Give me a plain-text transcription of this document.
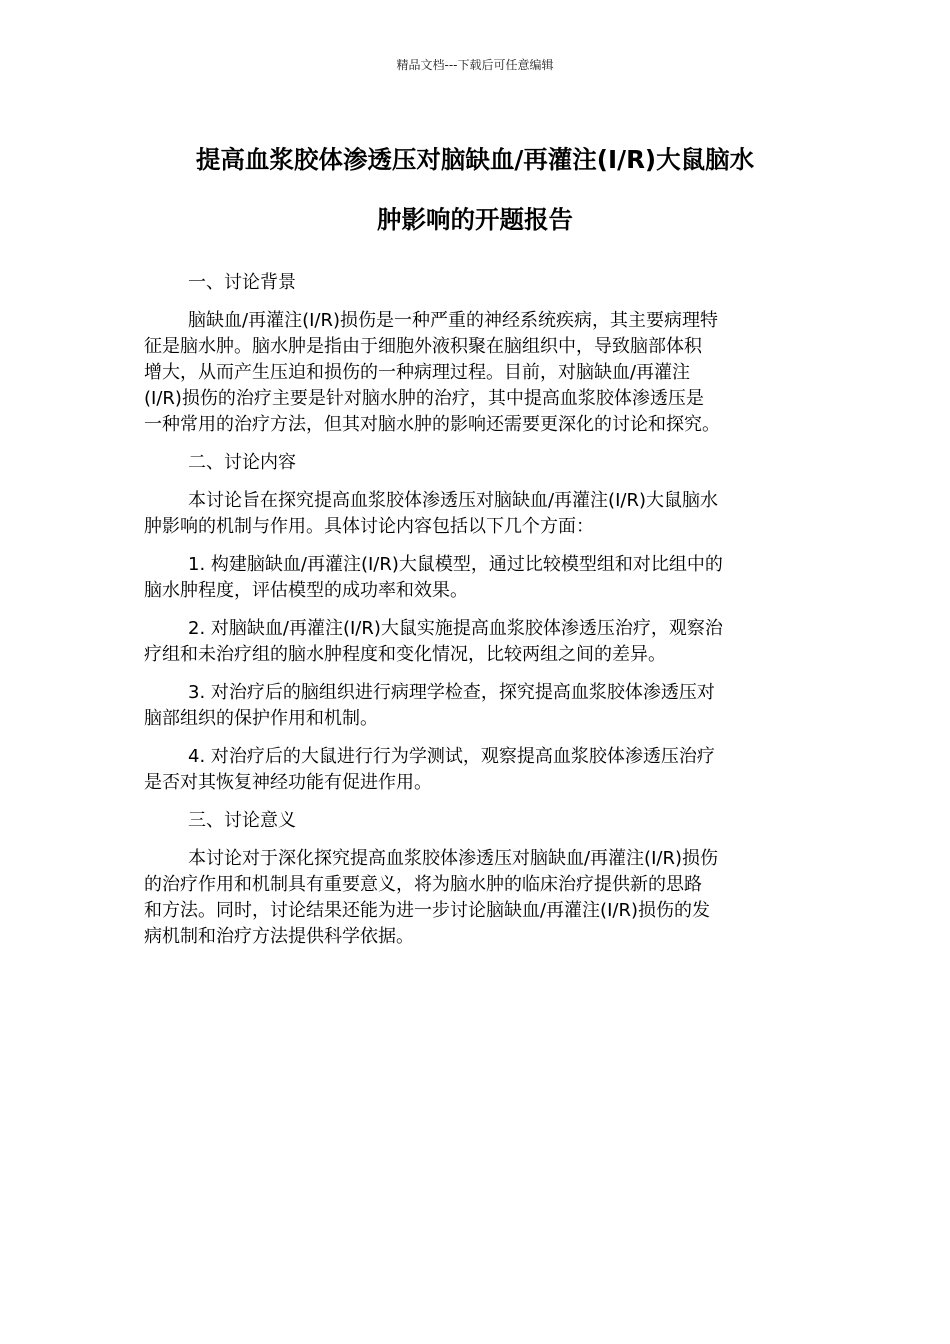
精品文档---下载后可任意编辑
提高血浆胶体渗透压对脑缺血/再灌注(I/R)大鼠脑水
肿影响的开题报告
一、讨论背景

脑缺血/再灌注(I/R)损伤是一种严重的神经系统疾病，其主要病理特
征是脑水肿。脑水肿是指由于细胞外液积聚在脑组织中，导致脑部体积
增大，从而产生压迫和损伤的一种病理过程。目前，对脑缺血/再灌注
(I/R)损伤的治疗主要是针对脑水肿的治疗，其中提高血浆胶体渗透压是
一种常用的治疗方法，但其对脑水肿的影响还需要更深化的讨论和探究。

二、讨论内容

本讨论旨在探究提高血浆胶体渗透压对脑缺血/再灌注(I/R)大鼠脑水
肿影响的机制与作用。具体讨论内容包括以下几个方面：

1. 构建脑缺血/再灌注(I/R)大鼠模型，通过比较模型组和对比组中的
脑水肿程度，评估模型的成功率和效果。

2. 对脑缺血/再灌注(I/R)大鼠实施提高血浆胶体渗透压治疗，观察治
疗组和未治疗组的脑水肿程度和变化情况，比较两组之间的差异。

3. 对治疗后的脑组织进行病理学检查，探究提高血浆胶体渗透压对
脑部组织的保护作用和机制。

4. 对治疗后的大鼠进行行为学测试，观察提高血浆胶体渗透压治疗
是否对其恢复神经功能有促进作用。

三、讨论意义

本讨论对于深化探究提高血浆胶体渗透压对脑缺血/再灌注(I/R)损伤
的治疗作用和机制具有重要意义，将为脑水肿的临床治疗提供新的思路
和方法。同时，讨论结果还能为进一步讨论脑缺血/再灌注(I/R)损伤的发
病机制和治疗方法提供科学依据。
